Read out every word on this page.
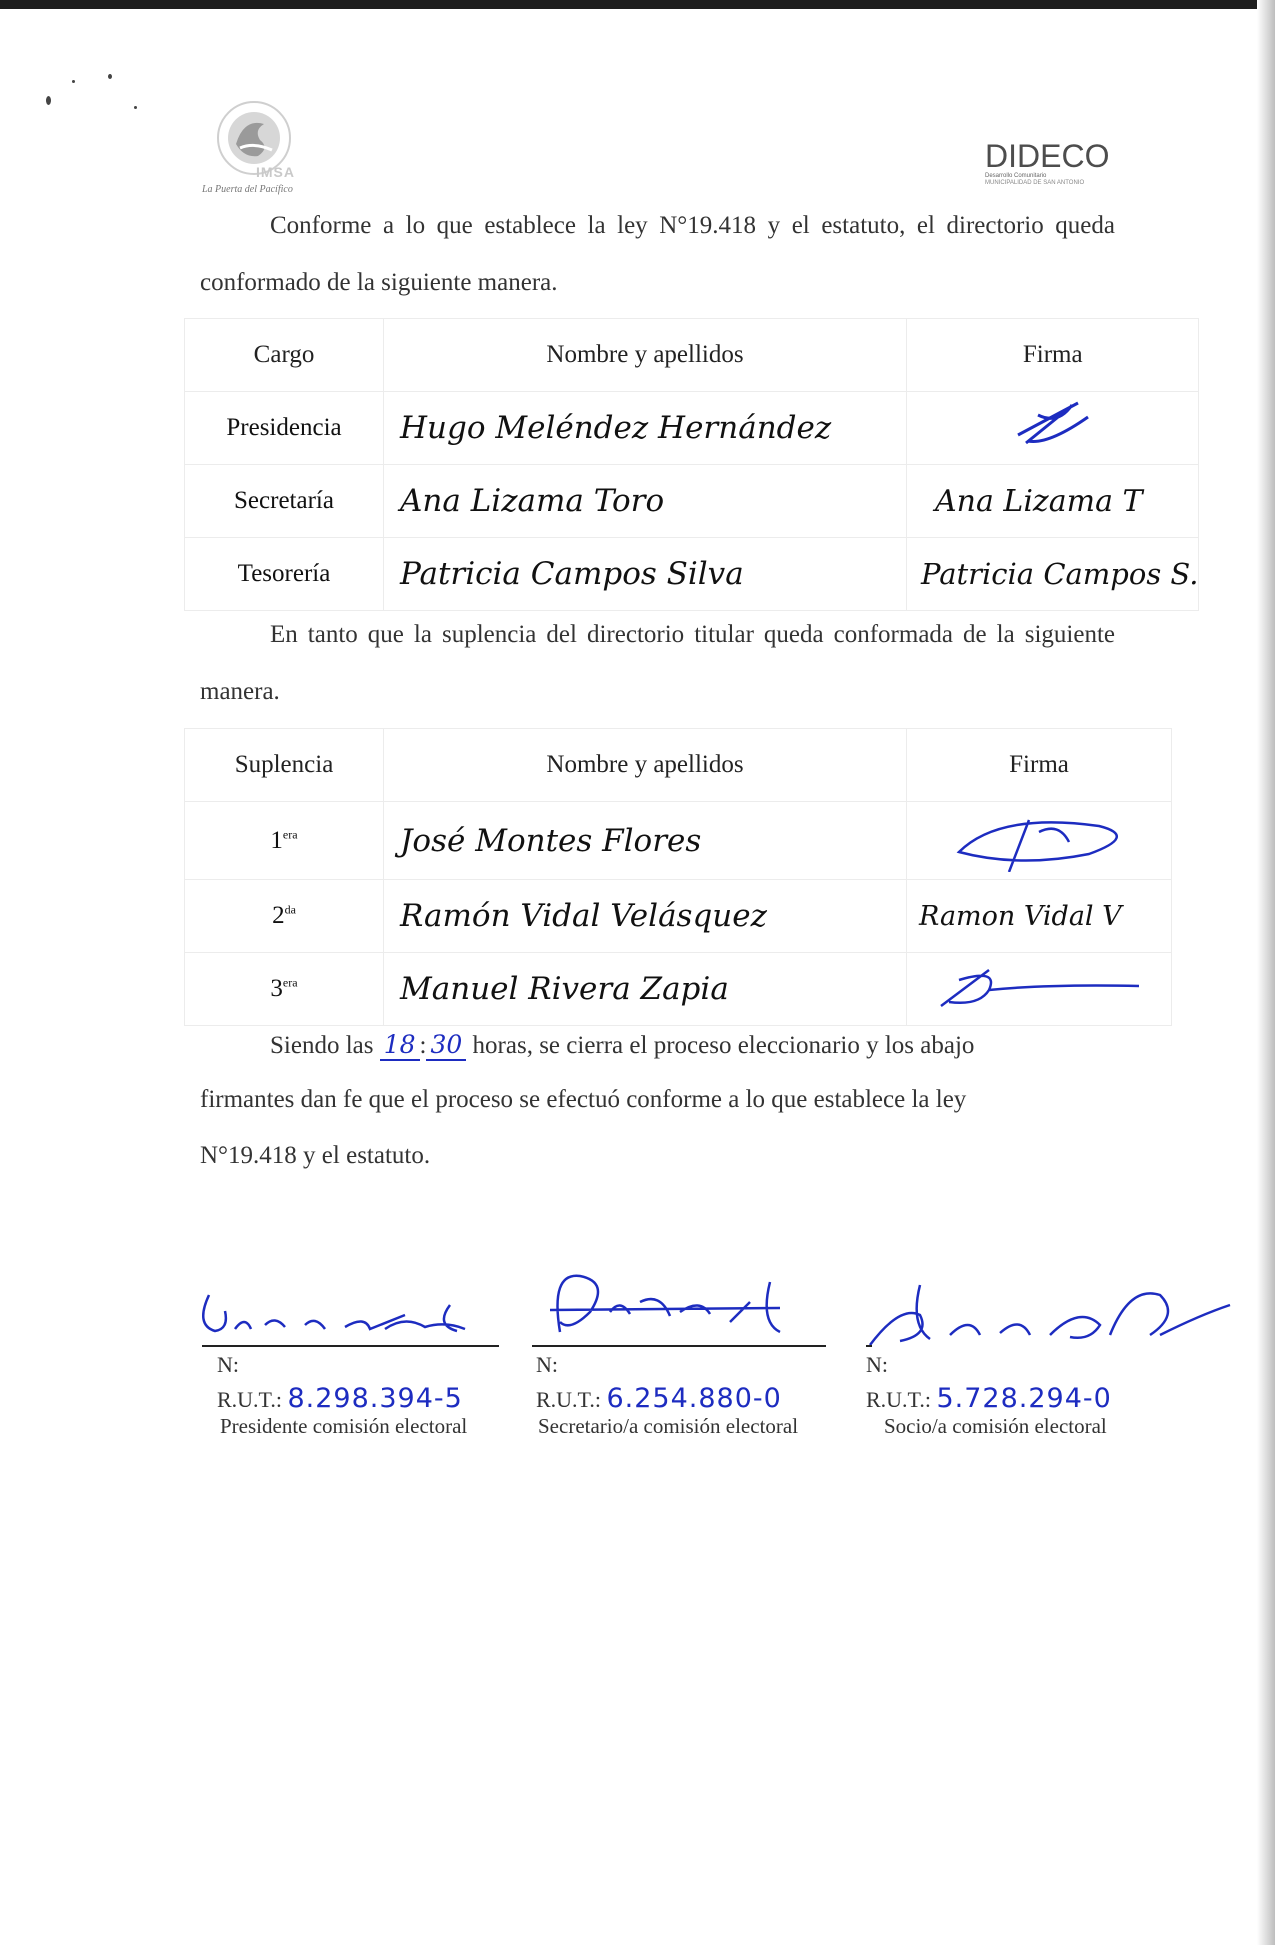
IMSA
La Puerta del Pacífico
DIDECO
Desarrollo Comunitario
MUNICIPALIDAD DE SAN ANTONIO
Conforme a lo que establece la ley N°19.418 y el estatuto, el directorio queda conformado de la siguiente manera.
Cargo	Nombre y apellidos	Firma
Presidencia	Hugo Meléndez Hernández	
Secretaría	Ana Lizama Toro	Ana Lizama T
Tesorería	Patricia Campos Silva	Patricia Campos S.
En tanto que la suplencia del directorio titular queda conformada de la siguiente manera.
Suplencia	Nombre y apellidos	Firma
$1^{era}$	José Montes Flores	
$2^{da}$	Ramón Vidal Velásquez	Ramon Vidal V
$3^{era}$	Manuel Rivera Zapia	
Siendo las 18 : 30 horas, se cierra el proceso eleccionario y los abajo
firmantes dan fe que el proceso se efectuó conforme a lo que establece la ley
N°19.418 y el estatuto.
N:
R.U.T.: 8.298.394-5
Presidente comisión electoral
N:
R.U.T.: 6.254.880-0
Secretario/a comisión electoral
N:
R.U.T.: 5.728.294-0
Socio/a comisión electoral
